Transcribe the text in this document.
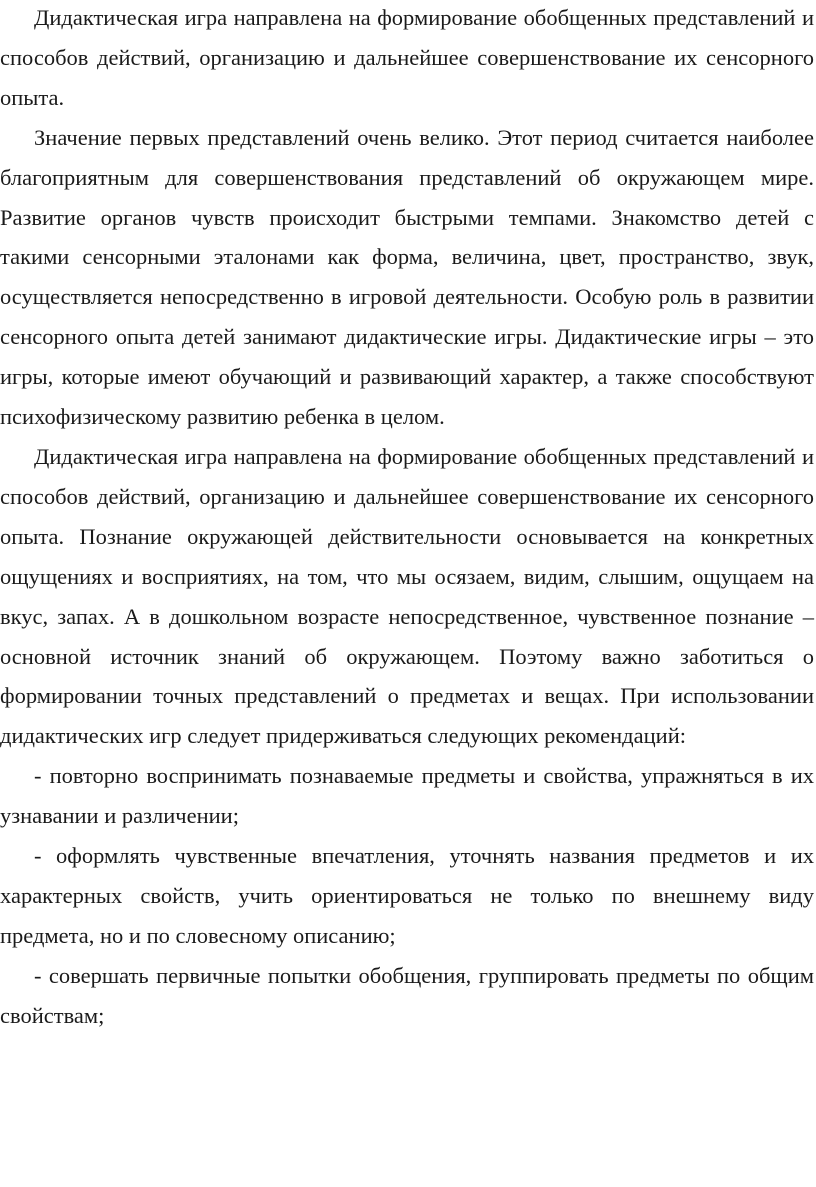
Дидактическая игра направлена на формирование обобщенных представлений и способов действий, организацию и дальнейшее совершенствование их сенсорного опыта.

Значение первых представлений очень велико. Этот период считается наиболее благоприятным для совершенствования представлений об окружающем мире. Развитие органов чувств происходит быстрыми темпами. Знакомство детей с такими сенсорными эталонами как форма, величина, цвет, пространство, звук, осуществляется непосредственно в игровой деятельности. Особую роль в развитии сенсорного опыта детей занимают дидактические игры. Дидактические игры – это игры, которые имеют обучающий и развивающий характер, а также способствуют психофизическому развитию ребенка в целом.

Дидактическая игра направлена на формирование обобщенных представлений и способов действий, организацию и дальнейшее совершенствование их сенсорного опыта. Познание окружающей действительности основывается на конкретных ощущениях и восприятиях, на том, что мы осязаем, видим, слышим, ощущаем на вкус, запах. А в дошкольном возрасте непосредственное, чувственное познание – основной источник знаний об окружающем. Поэтому важно заботиться о формировании точных представлений о предметах и вещах. При использовании дидактических игр следует придерживаться следующих рекомендаций:

- повторно воспринимать познаваемые предметы и свойства, упражняться в их узнавании и различении;

- оформлять чувственные впечатления, уточнять названия предметов и их характерных свойств, учить ориентироваться не только по внешнему виду предмета, но и по словесному описанию;

- совершать первичные попытки обобщения, группировать предметы по общим свойствам;
